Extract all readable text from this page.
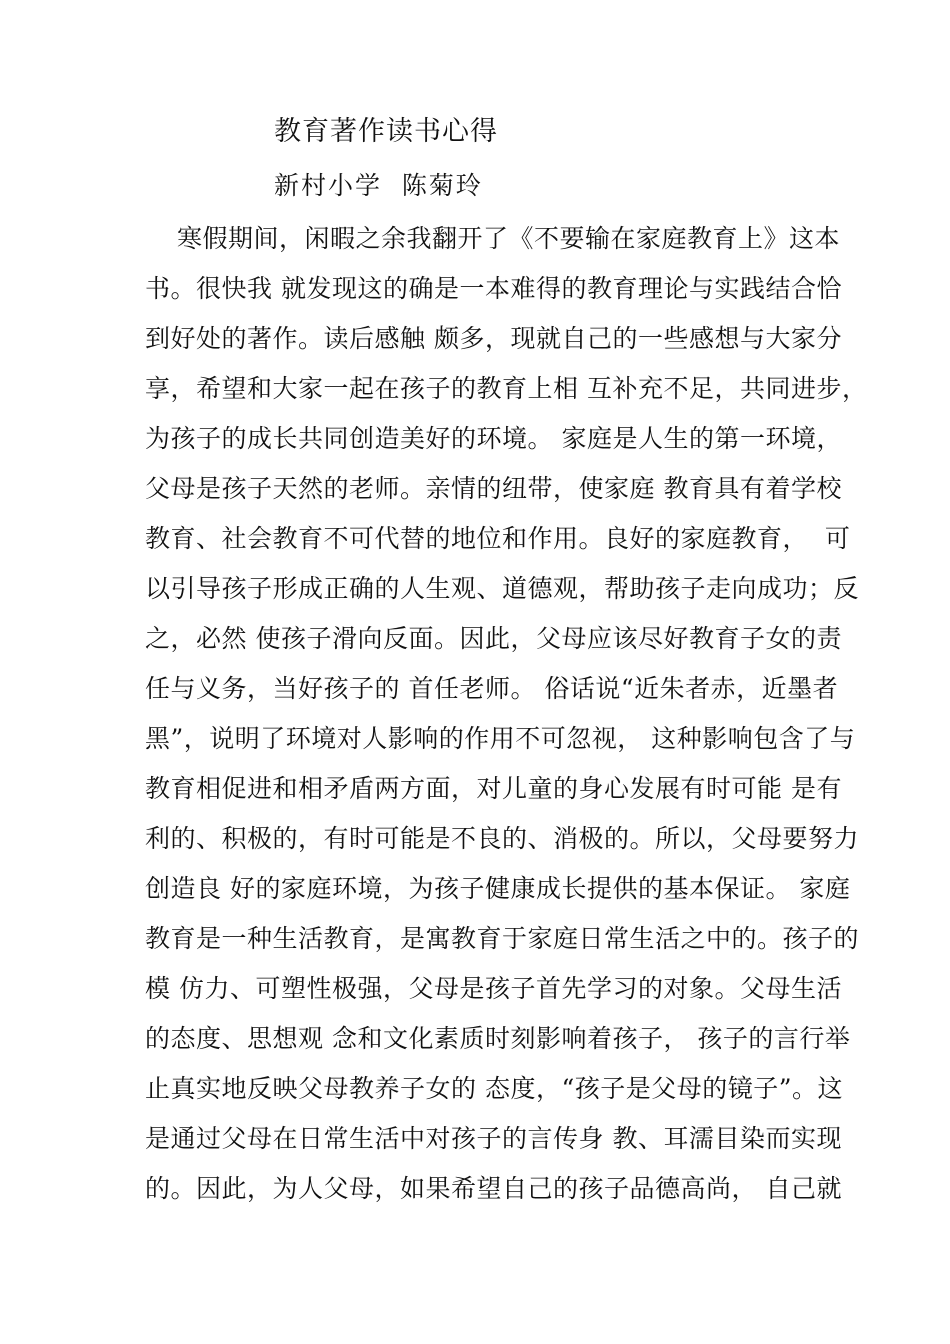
教育著作读书心得
新村小学  陈菊玲
寒假期间，闲暇之余我翻开了《不要输在家庭教育上》这本
书。很快我 就发现这的确是一本难得的教育理论与实践结合恰
到好处的著作。读后感触 颇多，现就自己的一些感想与大家分
享，希望和大家一起在孩子的教育上相 互补充不足，共同进步，
为孩子的成长共同创造美好的环境。 家庭是人生的第一环境，
父母是孩子天然的老师。亲情的纽带，使家庭 教育具有着学校
教育、社会教育不可代替的地位和作用。良好的家庭教育，  可
以引导孩子形成正确的人生观、道德观，帮助孩子走向成功；反
之，必然 使孩子滑向反面。因此，父母应该尽好教育子女的责
任与义务，当好孩子的 首任老师。 俗话说“近朱者赤，近墨者
黑”，说明了环境对人影响的作用不可忽视， 这种影响包含了与
教育相促进和相矛盾两方面，对儿童的身心发展有时可能 是有
利的、积极的，有时可能是不良的、消极的。所以，父母要努力
创造良 好的家庭环境，为孩子健康成长提供的基本保证。 家庭
教育是一种生活教育，是寓教育于家庭日常生活之中的。孩子的
模 仿力、可塑性极强，父母是孩子首先学习的对象。父母生活
的态度、思想观 念和文化素质时刻影响着孩子， 孩子的言行举
止真实地反映父母教养子女的 态度，“孩子是父母的镜子”。这
是通过父母在日常生活中对孩子的言传身 教、耳濡目染而实现
的。因此，为人父母，如果希望自己的孩子品德高尚， 自己就
